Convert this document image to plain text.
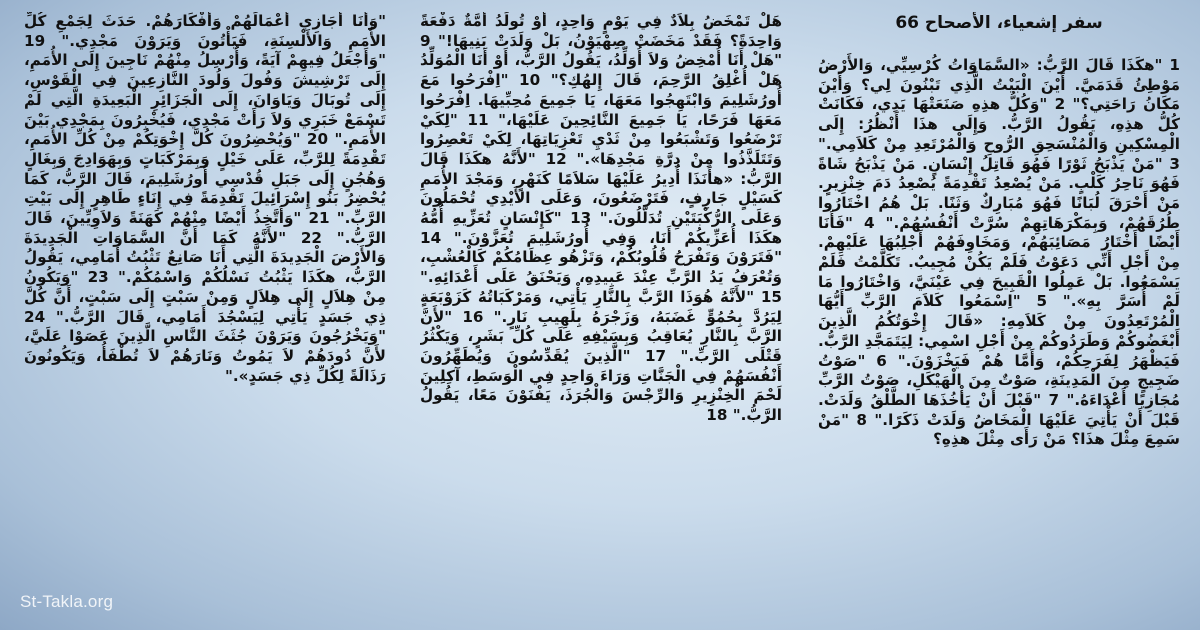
سفر إشعياء، الأصحاح 66

1 "هكَذَا قَالَ الرَّبُّ: «السَّمَاوَاتُ كُرْسِيِّي، وَالأَرْضُ مَوْطِئُ قَدَمَيَّ. أَيْنَ الْبَيْتُ الَّذِي تَبْنُونَ لِي؟ وَأَيْنَ مَكَانُ رَاحَتِي؟" 2 "وَكُلُّ هذِهِ صَنَعَتْهَا يَدِي، فَكَانَتْ كُلُّ هذِهِ، يَقُولُ الرَّبُّ. وَإِلَى هذَا أَنْظُرُ: إِلَى الْمِسْكِينِ وَالْمُنْسَحِقِ الرُّوحِ وَالْمُرْتَعِدِ مِنْ كَلاَمِي." 3 "مَنْ يَذْبَحُ ثَوْرًا فَهُوَ قَاتِلُ إِنْسَانٍ. مَنْ يَذْبَحُ شَاةً فَهُوَ نَاحِرُ كَلْبٍ. مَنْ يُصْعِدُ تَقْدِمَةً يُصْعِدُ دَمَ خِنْزِيرٍ. مَنْ أَحْرَقَ لُبَانًا فَهُوَ مُبَارِكٌ وَثَنًا. بَلْ هُمُ اخْتَارُوا طُرُقَهُمْ، وَبِمَكْرَهَاتِهِمْ سُرَّتْ أَنْفُسُهُمْ." 4 "فَأَنَا أَيْضًا أَخْتَارُ مَصَائِبَهُمْ، وَمَخَاوِفَهُمْ أَجْلِبُهَا عَلَيْهِمْ. مِنْ أَجْلِ أَنِّي دَعَوْتُ فَلَمْ يَكُنْ مُجِيبٌ. تَكَلَّمْتُ فَلَمْ يَسْمَعُوا. بَلْ عَمِلُوا الْقَبِيحَ فِي عَيْنَيَّ، وَاخْتَارُوا مَا لَمْ أُسَرَّ بِهِ»." 5 "اِسْمَعُوا كَلاَمَ الرَّبِّ أَيُّهَا الْمُرْتَعِدُونَ مِنْ كَلاَمِهِ: «قَالَ إِخْوَتُكُمُ الَّذِينَ أَبْغَضُوكُمْ وَطَرَدُوكُمْ مِنْ أَجْلِ اسْمِي: لِيَتَمَجَّدِ الرَّبُّ. فَيَظْهَرُ لِفَرَحِكُمْ، وَأَمَّا هُمْ فَيَخْزَوْنَ." 6 "صَوْتُ ضَجِيجٍ مِنَ الْمَدِينَةِ، صَوْتٌ مِنَ الْهَيْكَلِ، صَوْتُ الرَّبِّ مُجَازِيًا أَعْدَاءَهُ." 7 "قَبْلَ أَنْ يَأْخُذَهَا الطَّلْقُ وَلَدَتْ. قَبْلَ أَنْ يَأْتِيَ عَلَيْهَا الْمَخَاضُ وَلَدَتْ ذَكَرًا." 8 "مَنْ سَمِعَ مِثْلَ هذَا؟ مَنْ رَأَى مِثْلَ هذِهِ؟

هَلْ تَمْخَضُ بِلاَدٌ فِي يَوْمٍ وَاحِدٍ، أَوْ تُولَدُ أُمَّةٌ دَفْعَةً وَاحِدَةً؟ فَقَدْ مَخَضَتْ صِهْيَوْنُ، بَلْ وَلَدَتْ بَنِيهَا!" 9 "هَلْ أَنَا أُمْخِضُ وَلاَ أُوَلِّدُ، يَقُولُ الرَّبُّ، أَوْ أَنَا الْمُوَلِّدُ هَلْ أُغْلِقُ الرَّحِمَ، قَالَ إِلهُكِ؟" 10 "اِفْرَحُوا مَعَ أُورُشَلِيمَ وَابْتَهِجُوا مَعَهَا، يَا جَمِيعَ مُحِبِّيهَا. اِفْرَحُوا مَعَهَا فَرَحًا، يَا جَمِيعَ النَّائِحِينَ عَلَيْهَا،" 11 "لِكَيْ تَرْضَعُوا وَتَشْبَعُوا مِنْ ثَدْيِ تَعْزِيَاتِهَا، لِكَيْ تَعْصِرُوا وَتَتَلَذَّذُوا مِنْ دِرَّةِ مَجْدِهَا»." 12 "لأَنَّهُ هكَذَا قَالَ الرَّبُّ: «هأَنَذَا أُدِيرُ عَلَيْهَا سَلاَمًا كَنَهْرٍ، وَمَجْدَ الأُمَمِ كَسَيْلٍ جَارِفٍ، فَتَرْضَعُونَ، وَعَلَى الأَيْدِي تُحْمَلُونَ وَعَلَى الرُّكْبَتَيْنِ تُدَلَّلُونَ." 13 "كَإِنْسَانٍ تُعَزِّيهِ أُمُّهُ هكَذَا أُعَزِّيكُمْ أَنَا، وَفِي أُورُشَلِيمَ تُعَزَّوْنَ." 14 "فَتَرَوْنَ وَتَفْرَحُ قُلُوبُكُمْ، وَتَزْهُو عِظَامُكُمْ كَالْعُشْبِ، وَتُعْرَفُ يَدُ الرَّبِّ عِنْدَ عَبِيدِهِ، وَيَحْنَقُ عَلَى أَعْدَائِهِ." 15 "لأَنَّهُ هُوَذَا الرَّبَّ بِالنَّارِ يَأْتِي، وَمَرْكَبَاتُهُ كَزَوْبَعَةٍ لِيَرُدَّ بِحُمُوٍّ غَضَبَهُ، وَزَجْرَهُ بِلَهِيبِ نَارٍ." 16 "لأَنَّ الرَّبَّ بِالنَّارِ يُعَاقِبُ وَبِسَيْفِهِ عَلَى كُلِّ بَشَرٍ، وَيَكْثُرُ قَتْلَى الرَّبِّ." 17 "الَّذِينَ يُقَدِّسُونَ وَيُطَهِّرُونَ أَنْفُسَهُمْ فِي الْجَنَّاتِ وَرَاءَ وَاحِدٍ فِي الْوَسَطِ، آكِلِينَ لَحْمَ الْخِنْزِيرِ وَالرِّجْسَ وَالْجُرَذَ، يَفْنَوْنَ مَعًا، يَقُولُ الرَّبُّ." 18

"وَأَنَا أُجَازِي أَعْمَالَهُمْ وَأَفْكَارَهُمْ. حَدَثَ لِجَمْعِ كُلِّ الأُمَمِ وَالأَلْسِنَةِ، فَيَأْتُونَ وَيَرَوْنَ مَجْدِي." 19 "وَأَجْعَلُ فِيهِمْ آيَةً، وَأُرْسِلُ مِنْهُمْ نَاجِينَ إِلَى الأُمَمِ، إِلَى تَرْشِيشَ وَفُولَ وَلُودَ النَّازِعِينَ فِي الْقَوْسِ، إِلَى تُوبَالَ وَيَاوَانَ، إِلَى الْجَزَائِرِ الْبَعِيدَةِ الَّتِي لَمْ تَسْمَعْ خَبَرِي وَلاَ رَأَتْ مَجْدِي، فَيُخْبِرُونَ بِمَجْدِي بَيْنَ الأُمَمِ." 20 "وَيُحْضِرُونَ كُلَّ إِخْوَتِكُمْ مِنْ كُلِّ الأُمَمِ، تَقْدِمَةً لِلرَّبِّ، عَلَى خَيْلٍ وَبِمَرْكَبَاتٍ وَبِهَوَادِجَ وَبِغَالٍ وَهُجُنٍ إِلَى جَبَلِ قُدْسِي أُورُشَلِيمَ، قَالَ الرَّبُّ، كَمَا يُحْضِرُ بَنُو إِسْرَائِيلَ تَقْدِمَةً فِي إِنَاءٍ طَاهِرٍ إِلَى بَيْتِ الرَّبِّ." 21 "وَأَتَّخِذُ أَيْضًا مِنْهُمْ كَهَنَةً وَلاَوِيِّينَ، قَالَ الرَّبُّ." 22 "لأَنَّهُ كَمَا أَنَّ السَّمَاوَاتِ الْجَدِيدَةَ وَالأَرْضَ الْجَدِيدَةَ الَّتِي أَنَا صَانِعٌ تَثْبُتُ أَمَامِي، يَقُولُ الرَّبُّ، هكَذَا يَثْبُتُ نَسْلُكُمْ وَاسْمُكُمْ." 23 "وَيَكُونُ مِنْ هِلاَلٍ إِلَى هِلاَلٍ وَمِنْ سَبْتٍ إِلَى سَبْتٍ، أَنَّ كُلَّ ذِي جَسَدٍ يَأْتِي لِيَسْجُدَ أَمَامِي، قَالَ الرَّبُّ." 24 "وَيَخْرُجُونَ وَيَرَوْنَ جُثَثَ النَّاسِ الَّذِينَ عَصَوْا عَلَيَّ، لأَنَّ دُودَهُمْ لاَ يَمُوتُ وَنَارَهُمْ لاَ تُطْفَأُ، وَيَكُونُونَ رَذَالَةً لِكُلِّ ذِي جَسَدٍ»."

St-Takla.org
